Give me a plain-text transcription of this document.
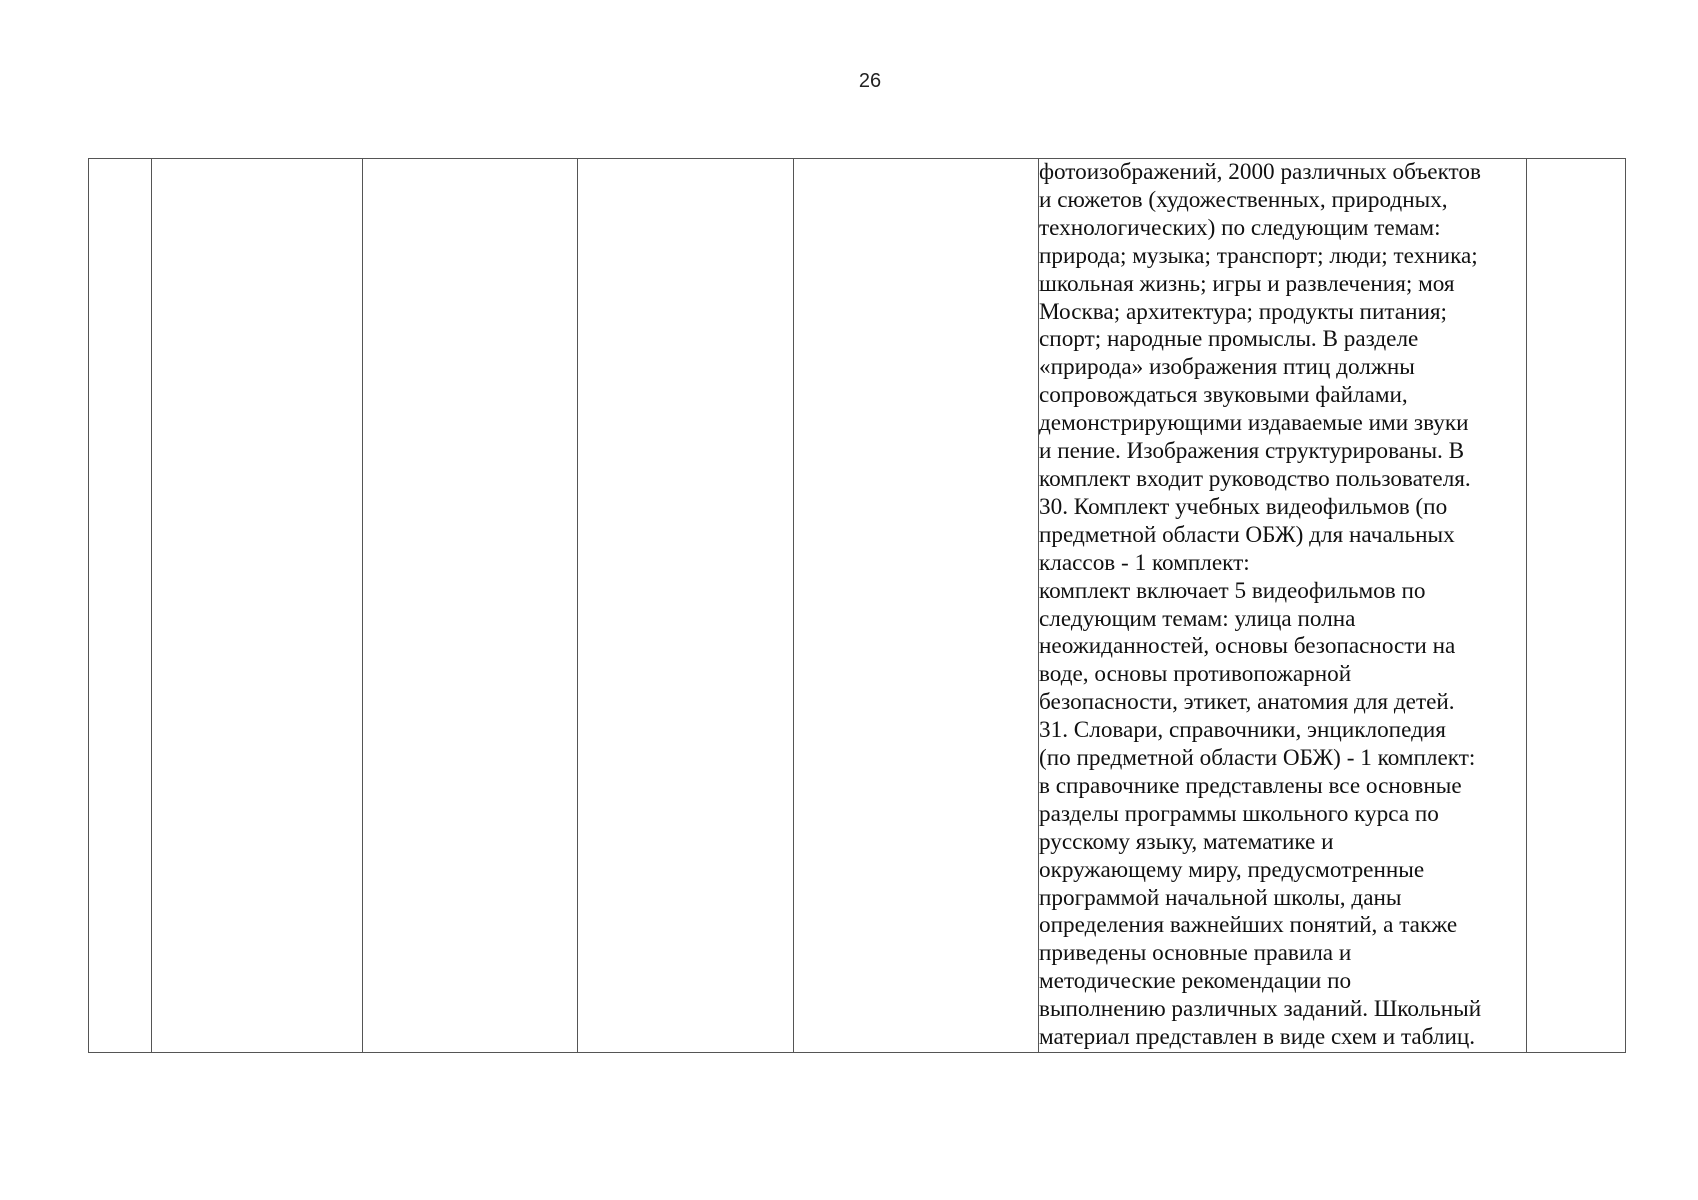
26

фотоизображений, 2000 различных объектов
и сюжетов (художественных, природных,
технологических) по следующим темам:
природа; музыка; транспорт; люди; техника;
школьная жизнь; игры и развлечения; моя
Москва; архитектура; продукты питания;
спорт; народные промыслы. В разделе
«природа» изображения птиц должны
сопровождаться звуковыми файлами,
демонстрирующими издаваемые ими звуки
и пение. Изображения структурированы. В
комплект входит руководство пользователя.
30. Комплект учебных видеофильмов (по
предметной области ОБЖ) для начальных
классов - 1 комплект:
комплект включает 5 видеофильмов по
следующим темам: улица полна
неожиданностей, основы безопасности на
воде, основы противопожарной
безопасности, этикет, анатомия для детей.
31. Словари, справочники, энциклопедия
(по предметной области ОБЖ) - 1 комплект:
в справочнике представлены все основные
разделы программы школьного курса по
русскому языку, математике и
окружающему миру, предусмотренные
программой начальной школы, даны
определения важнейших понятий, а также
приведены основные правила и
методические рекомендации по
выполнению различных заданий. Школьный
материал представлен в виде схем и таблиц.
